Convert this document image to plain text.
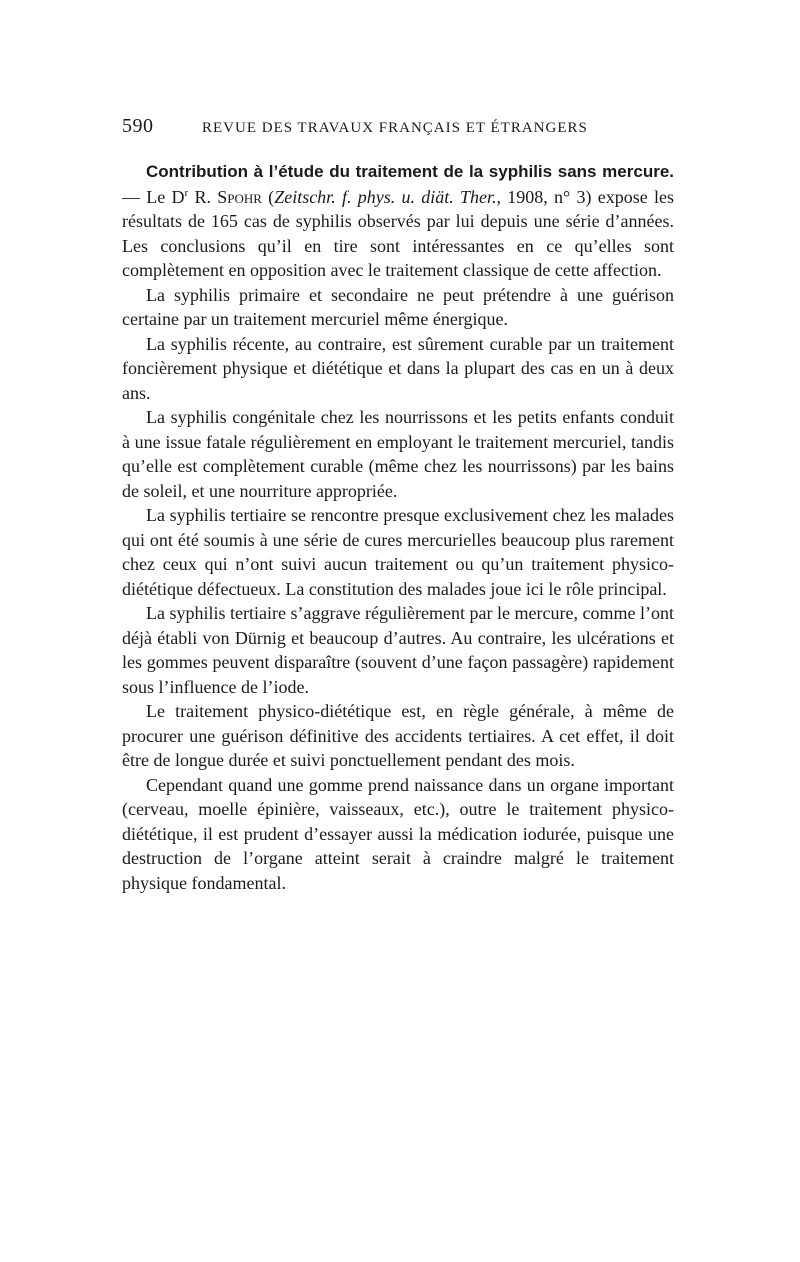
590	REVUE DES TRAVAUX FRANÇAIS ET ÉTRANGERS

Contribution à l’étude du traitement de la syphilis sans mercure. — Le $D^r$ R. Spohr (Zeitschr. f. phys. u. diät. Ther., 1908, n° 3) expose les résultats de 165 cas de syphilis observés par lui depuis une série d’années. Les conclusions qu’il en tire sont intéressantes en ce qu’elles sont complètement en opposition avec le traitement classique de cette affection.

La syphilis primaire et secondaire ne peut prétendre à une guérison certaine par un traitement mercuriel même énergique.

La syphilis récente, au contraire, est sûrement curable par un traitement foncièrement physique et diététique et dans la plupart des cas en un à deux ans.

La syphilis congénitale chez les nourrissons et les petits enfants conduit à une issue fatale régulièrement en employant le traitement mercuriel, tandis qu’elle est complètement curable (même chez les nourrissons) par les bains de soleil, et une nourriture appropriée.

La syphilis tertiaire se rencontre presque exclusivement chez les malades qui ont été soumis à une série de cures mercurielles beaucoup plus rarement chez ceux qui n’ont suivi aucun traitement ou qu’un traitement physico-diététique défectueux. La constitution des malades joue ici le rôle principal.

La syphilis tertiaire s’aggrave régulièrement par le mercure, comme l’ont déjà établi von Dürnig et beaucoup d’autres. Au contraire, les ulcérations et les gommes peuvent disparaître (souvent d’une façon passagère) rapidement sous l’influence de l’iode.

Le traitement physico-diététique est, en règle générale, à même de procurer une guérison définitive des accidents tertiaires. A cet effet, il doit être de longue durée et suivi ponctuellement pendant des mois.

Cependant quand une gomme prend naissance dans un organe important (cerveau, moelle épinière, vaisseaux, etc.), outre le traitement physico-diététique, il est prudent d’essayer aussi la médication iodurée, puisque une destruction de l’organe atteint serait à craindre malgré le traitement physique fondamental.
